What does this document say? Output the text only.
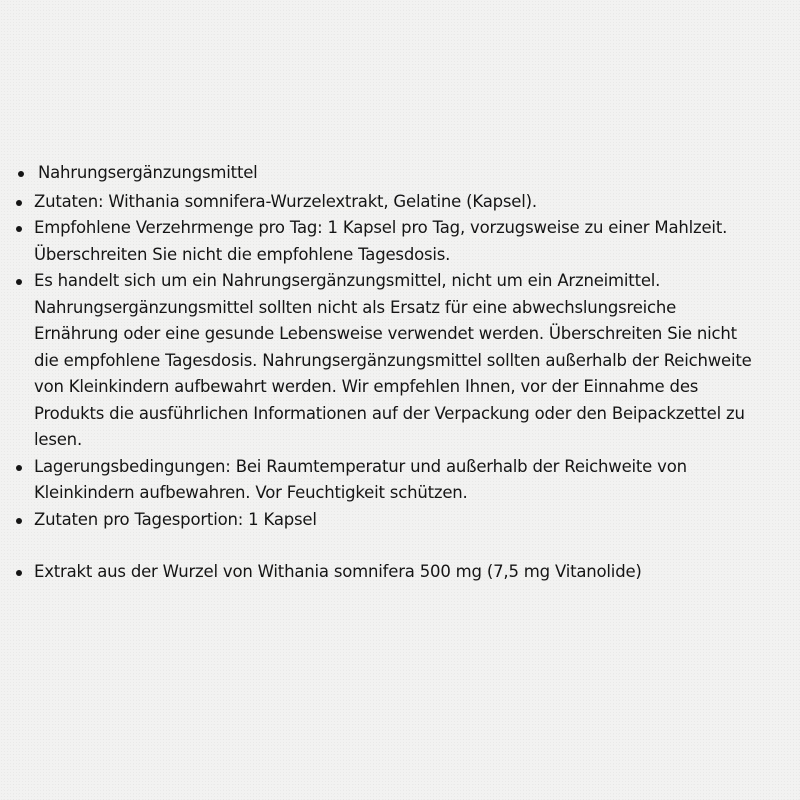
Nahrungsergänzungsmittel
Zutaten: Withania somnifera-Wurzelextrakt, Gelatine (Kapsel).
Empfohlene Verzehrmenge pro Tag: 1 Kapsel pro Tag, vorzugsweise zu einer Mahlzeit. Überschreiten Sie nicht die empfohlene Tagesdosis.
Es handelt sich um ein Nahrungsergänzungsmittel, nicht um ein Arzneimittel. Nahrungsergänzungsmittel sollten nicht als Ersatz für eine abwechslungsreiche Ernährung oder eine gesunde Lebensweise verwendet werden. Überschreiten Sie nicht die empfohlene Tagesdosis. Nahrungsergänzungsmittel sollten außerhalb der Reichweite von Kleinkindern aufbewahrt werden. Wir empfehlen Ihnen, vor der Einnahme des Produkts die ausführlichen Informationen auf der Verpackung oder den Beipackzettel zu lesen.
Lagerungsbedingungen: Bei Raumtemperatur und außerhalb der Reichweite von Kleinkindern aufbewahren. Vor Feuchtigkeit schützen.
Zutaten pro Tagesportion: 1 Kapsel
Extrakt aus der Wurzel von Withania somnifera 500 mg (7,5 mg Vitanolide)
